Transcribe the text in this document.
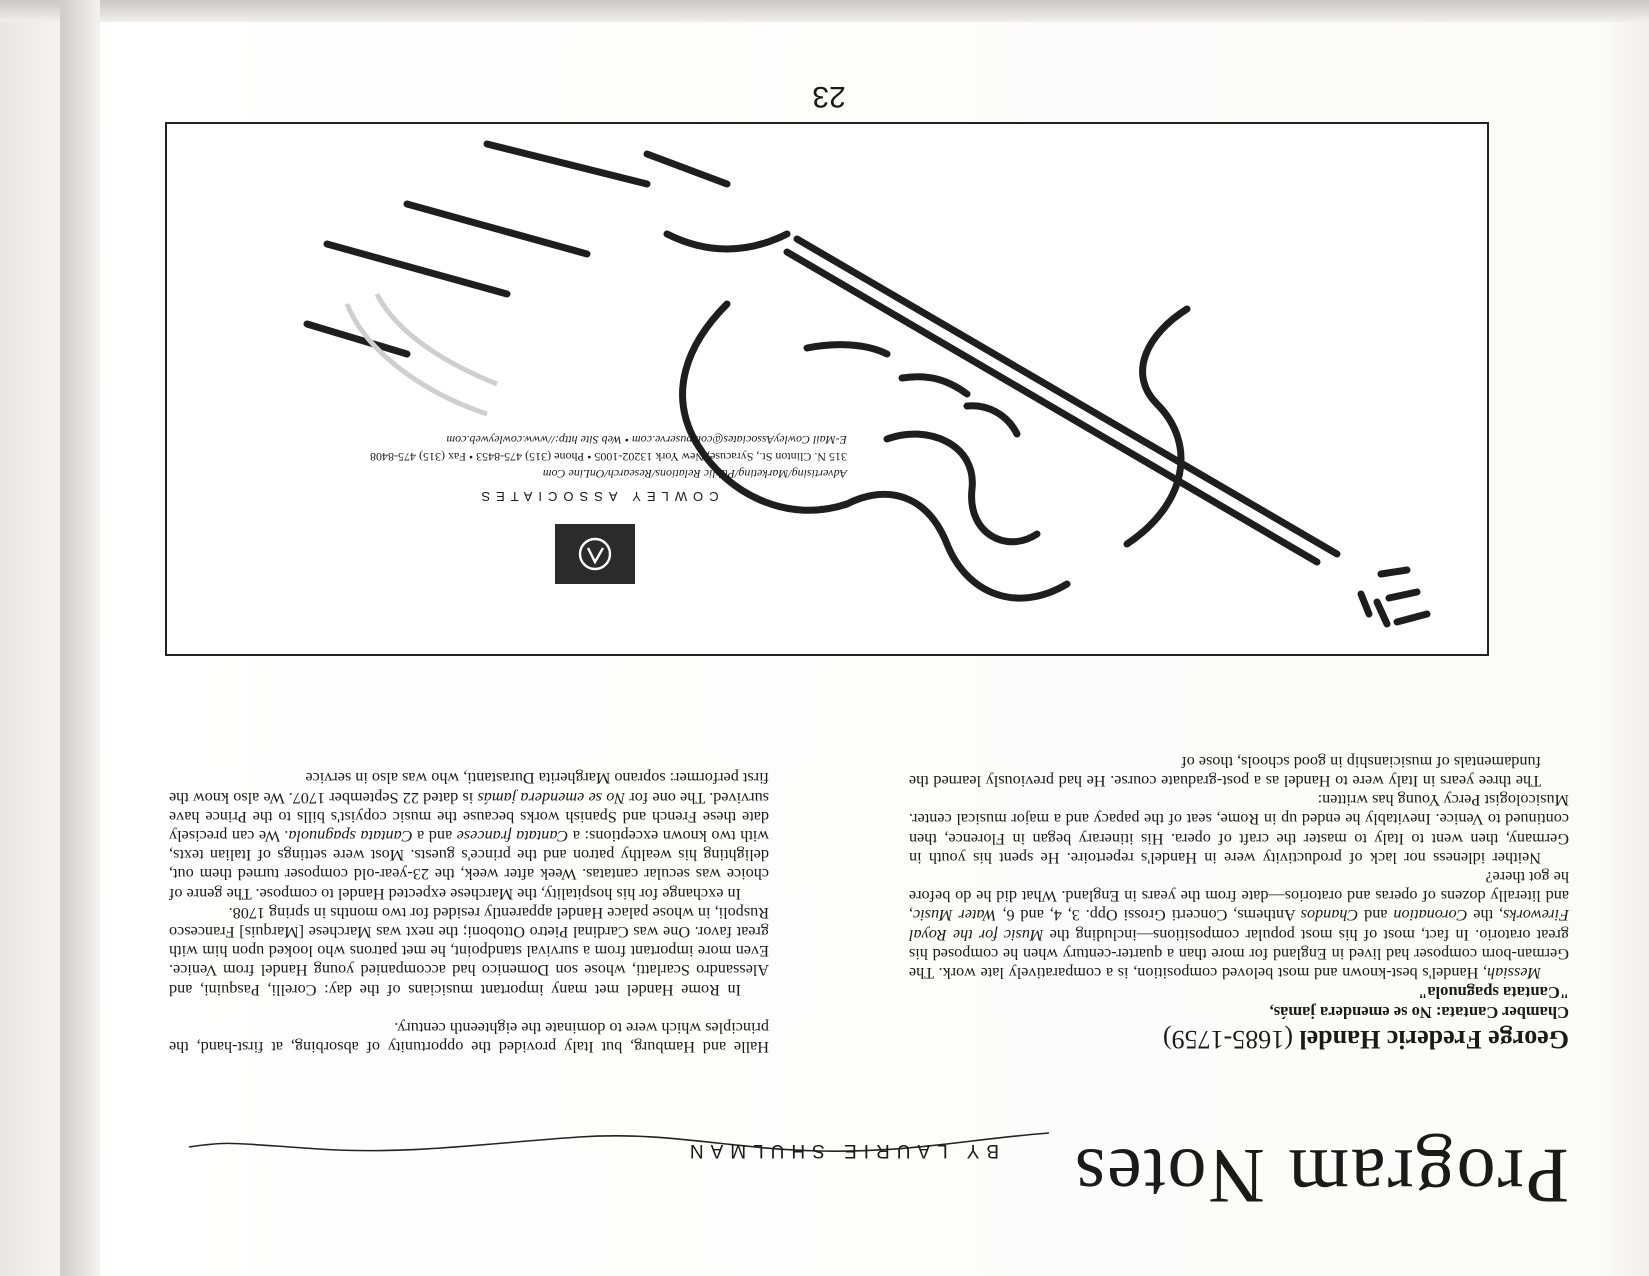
Program Notes
BY LAURIE SHULMAN
George Frederic Handel (1685-1759)
Chamber Cantata: No se emendera jamás,
"Cantata spagnuola"

Messiah, Handel's best-known and most beloved composition, is a comparatively late work. The German-born composer had lived in England for more than a quarter-century when he composed his great oratorio. In fact, most of his most popular compositions—including the Music for the Royal Fireworks, the Coronation and Chandos Anthems, Concerti Grossi Opp. 3, 4, and 6, Water Music, and literally dozens of operas and oratorios—date from the years in England. What did he do before he got there?

Neither idleness nor lack of productivity were in Handel's repertoire. He spent his youth in Germany, then went to Italy to master the craft of opera. His itinerary began in Florence, then continued to Venice. Inevitably he ended up in Rome, seat of the papacy and a major musical center. Musicologist Percy Young has written:

The three years in Italy were to Handel as a post-graduate course. He had previously learned the fundamentals of musicianship in good schools, those of

Halle and Hamburg, but Italy provided the opportunity of absorbing, at first-hand, the principles which were to dominate the eighteenth century.

In Rome Handel met many important musicians of the day: Corelli, Pasquini, and Alessandro Scarlatti, whose son Domenico had accompanied young Handel from Venice. Even more important from a survival standpoint, he met patrons who looked upon him with great favor. One was Cardinal Pietro Ottoboni; the next was Marchese [Marquis] Francesco Ruspoli, in whose palace Handel apparently resided for two months in spring 1708.

In exchange for his hospitality, the Marchese expected Handel to compose. The genre of choice was secular cantatas. Week after week, the 23-year-old composer turned them out, delighting his wealthy patron and the prince's guests. Most were settings of Italian texts, with two known exceptions: a Cantata francese and a Cantata spagnuola. We can precisely date these French and Spanish works because the music copyist's bills to the Prince have survived. The one for No se emendera jamás is dated 22 September 1707. We also know the first performer: soprano Margherita Durastanti, who was also in service

COWLEY ASSOCIATES
Advertising/Marketing/Public Relations/Research/OnLine Com
315 N. Clinton St., Syracuse, New York 13202-1005 • Phone (315) 475-8453 • Fax (315) 475-8408
E-Mail CowleyAssociates@compuserve.com • Web Site http://www.cowleyweb.com
23
